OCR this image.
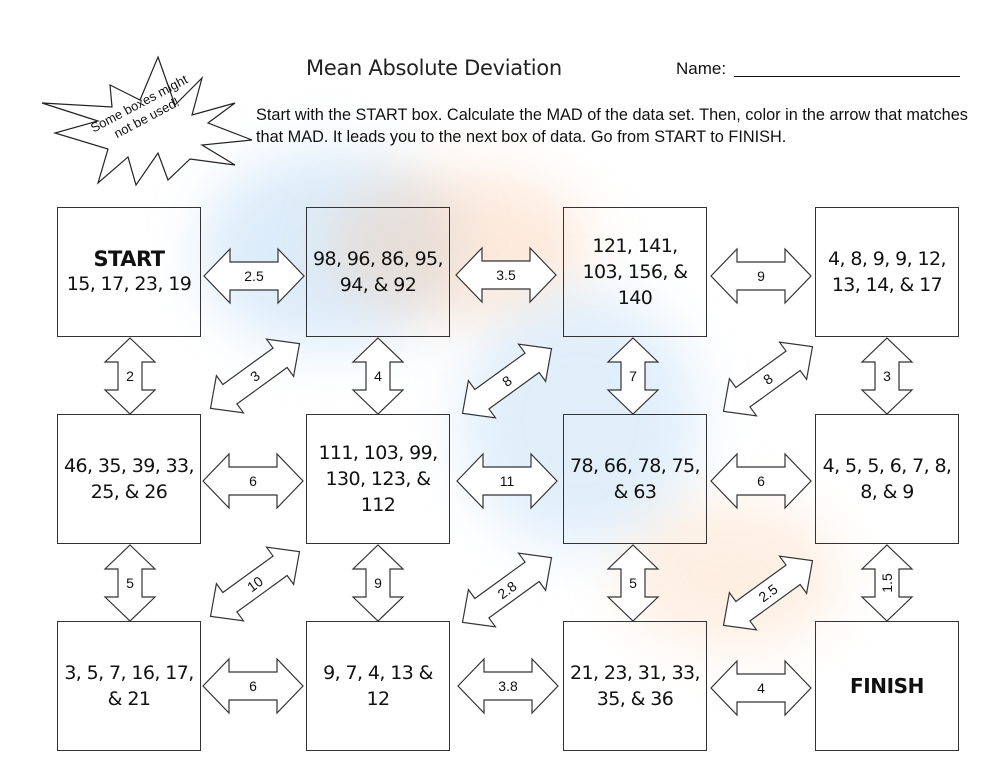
Mean Absolute Deviation	Name:
Start with the START box. Calculate the MAD of the data set. Then, color in the arrow that matches that MAD. It leads you to the next box of data. Go from START to FINISH.
Some boxes might not be used!
START
15, 17, 23, 19
98, 96, 86, 95, 94, & 92
121, 141, 103, 156, & 140
4, 8, 9, 9, 12, 13, 14, & 17
46, 35, 39, 33, 25, & 26
111, 103, 99, 130, 123, & 112
78, 66, 78, 75, & 63
4, 5, 5, 6, 7, 8, 8, & 9
3, 5, 7, 16, 17, & 21
9, 7, 4, 13 & 12
21, 23, 31, 33, 35, & 36
FINISH
2.5	3.5	9
6	11	6
6	3.8	4
2	4	7	3
5	9	5	1.5
3	8	8
10	2.8	2.5
